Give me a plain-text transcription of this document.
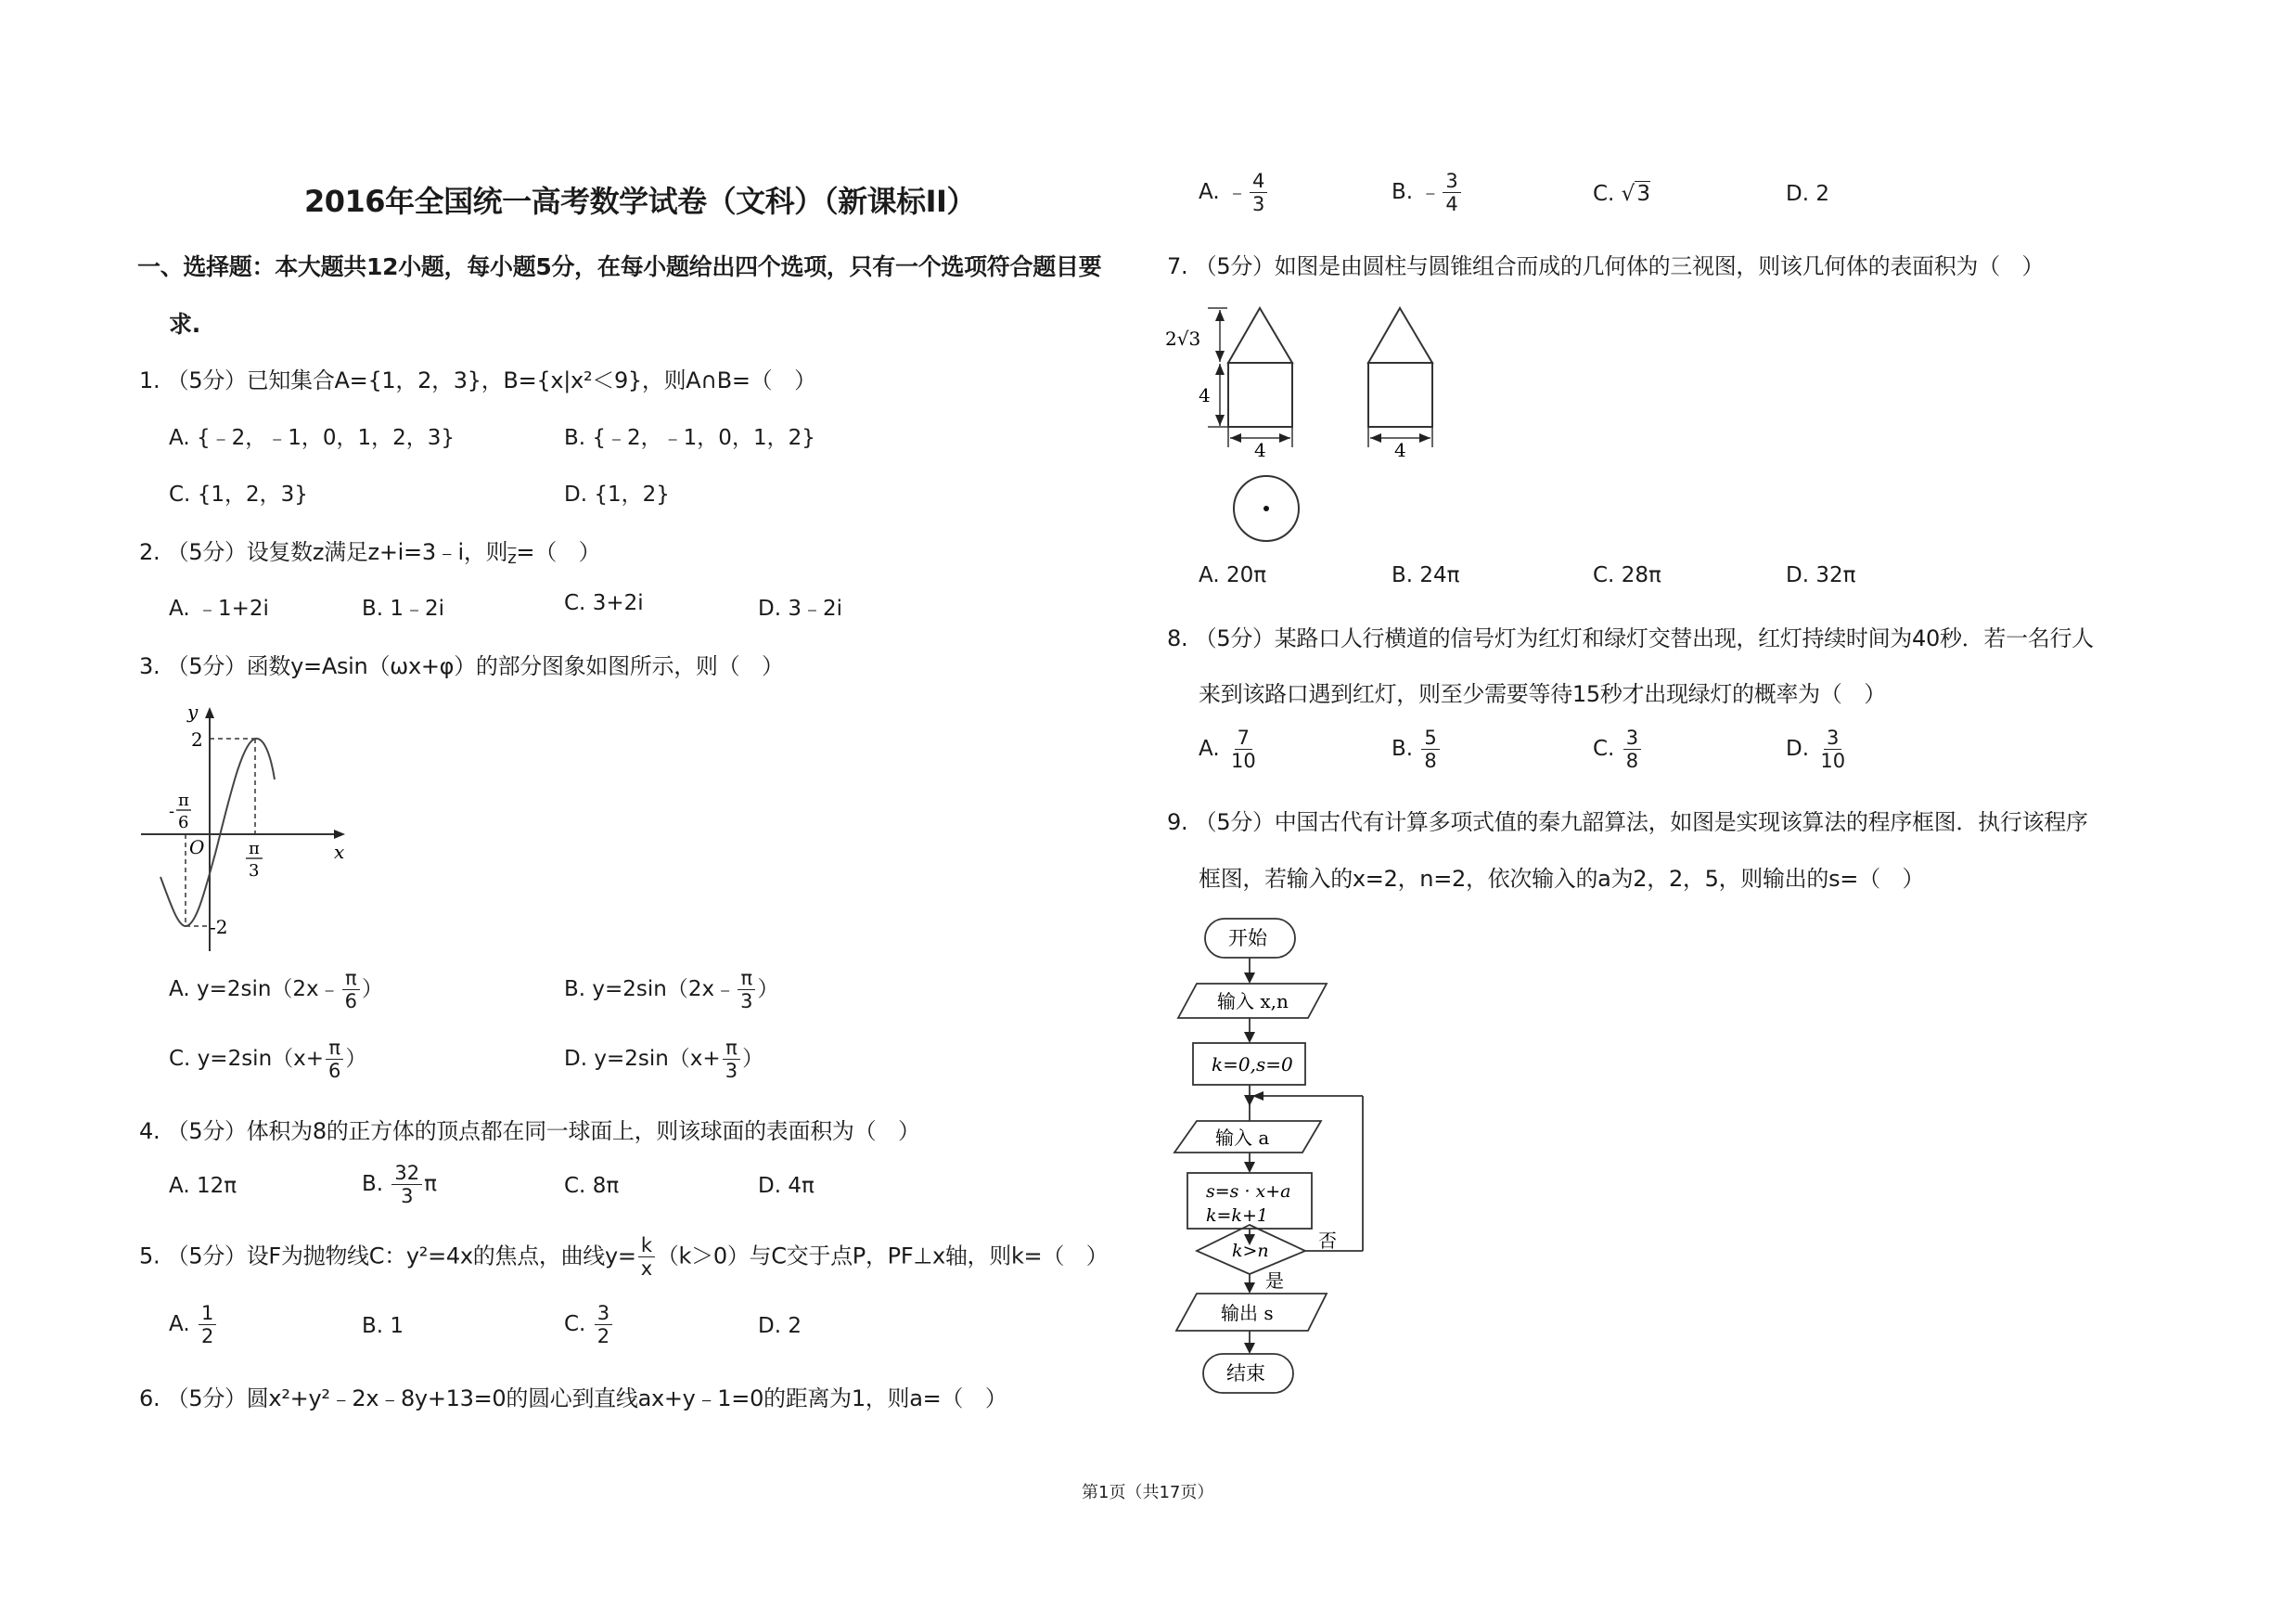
2016年全国统一高考数学试卷（文科）（新课标II）
一、选择题：本大题共12小题，每小题5分，在每小题给出四个选项，只有一个选项符合题目要
求.
1. （5分）已知集合A={1，2，3}，B={x|x²＜9}，则A∩B=（　）
A. {﹣2，﹣1，0，1，2，3}	B. {﹣2，﹣1，0，1，2}
C. {1，2，3}	D. {1，2}
2. （5分）设复数z满足z+i=3﹣i，则$\overline{z}=$（　）
A. ﹣1+2i	B. 1﹣2i	C. 3+2i	D. 3﹣2i
3. （5分）函数y=Asin（ωx+φ）的部分图象如图所示，则（　）
y
x
O
2
-2
-
π
6
π
3
A. y=2sin（2x﹣ $\frac{\pi}{6}$ ）	B. y=2sin（2x﹣ $\frac{\pi}{3}$ ）
C. $y=2\sin(x+ \frac{\pi}{6}$ ）	D. $y=2\sin(x+ \frac{\pi}{3}$ ）
4. （5分）体积为8的正方体的顶点都在同一球面上，则该球面的表面积为（　）
A. 12π	B. $\frac{32}{3}$ π	C. 8π	D. 4π
5. （5分）设F为抛物线C：y²=4x的焦点，曲线$y= \frac{k}{x} (k>0)$与C交于点P，PF⊥x轴，则k=（　）
A. $\frac{1}{2}$	B. 1	C. $\frac{3}{2}$	D. 2
6. （5分）圆x²+y²﹣2x﹣8y+13=0的圆心到直线ax+y﹣1=0的距离为1，则a=（　）
A. ﹣ $\frac{4}{3}$	B. ﹣ $\frac{3}{4}$	C. √3	D. 2
7. （5分）如图是由圆柱与圆锥组合而成的几何体的三视图，则该几何体的表面积为（　）
2√3
4
4	4
A. 20π	B. 24π	C. 28π	D. 32π
8. （5分）某路口人行横道的信号灯为红灯和绿灯交替出现，红灯持续时间为40秒．若一名行人
来到该路口遇到红灯，则至少需要等待15秒才出现绿灯的概率为（　）
A. $\frac{7}{10}$	B. $\frac{5}{8}$	C. $\frac{3}{8}$	D. $\frac{3}{10}$
9. （5分）中国古代有计算多项式值的秦九韶算法，如图是实现该算法的程序框图．执行该程序
框图，若输入的x=2，n=2，依次输入的a为2，2，5，则输出的s=（　）
开始
输入 x,n
k=0,s=0
输入 a
s=s · x+a
k=k+1
k>n	否
是
输出 s
结束
第1页（共17页）
